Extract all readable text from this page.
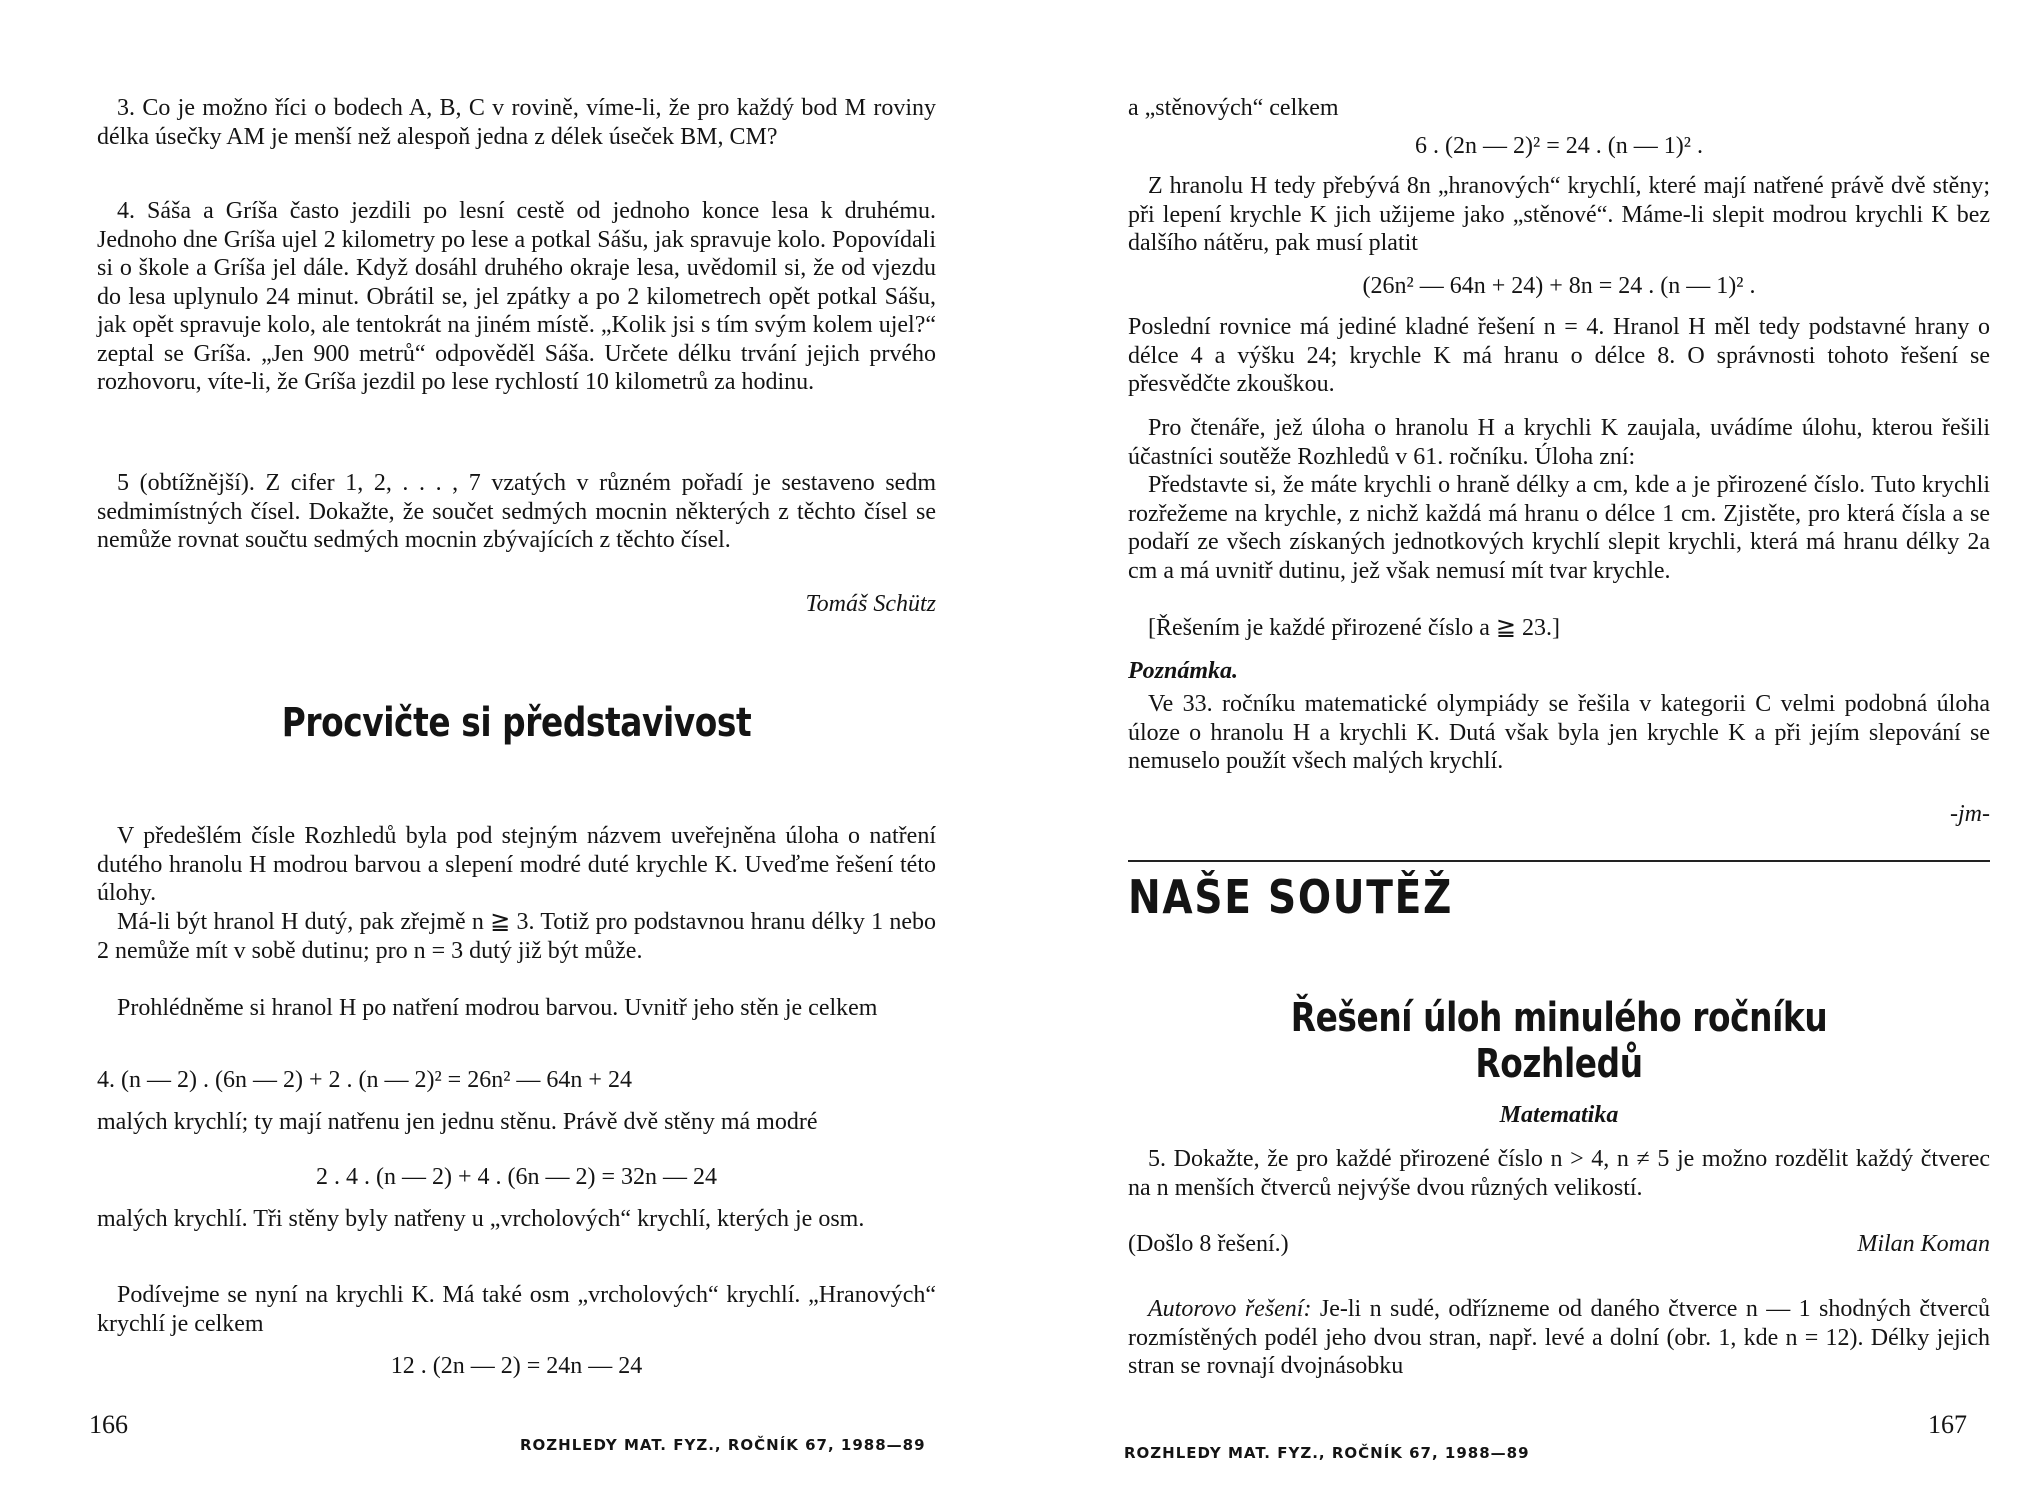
3. Co je možno říci o bodech A, B, C v rovině, víme-li, že pro každý bod M roviny délka úsečky AM je menší než alespoň jedna z délek úseček BM, CM?

4. Sáša a Gríša často jezdili po lesní cestě od jednoho konce lesa k druhému. Jednoho dne Gríša ujel 2 kilometry po lese a potkal Sášu, jak spravuje kolo. Popovídali si o škole a Gríša jel dále. Když dosáhl druhého okraje lesa, uvědomil si, že od vjezdu do lesa uplynulo 24 minut. Obrátil se, jel zpátky a po 2 kilometrech opět potkal Sášu, jak opět spravuje kolo, ale tentokrát na jiném místě. „Kolik jsi s tím svým kolem ujel?“ zeptal se Gríša. „Jen 900 metrů“ odpověděl Sáša. Určete délku trvání jejich prvého rozhovoru, víte-li, že Gríša jezdil po lese rychlostí 10 kilometrů za hodinu.

5 (obtížnější). Z cifer 1, 2, . . . , 7 vzatých v různém pořadí je sestaveno sedm sedmimístných čísel. Dokažte, že součet sedmých mocnin některých z těchto čísel se nemůže rovnat součtu sedmých mocnin zbývajících z těchto čísel.

Tomáš Schütz

Procvičte si představivost

V předešlém čísle Rozhledů byla pod stejným názvem uveřejněna úloha o natření dutého hranolu H modrou barvou a slepení modré duté krychle K. Uveďme řešení této úlohy.

Má-li být hranol H dutý, pak zřejmě n ≧ 3. Totiž pro podstavnou hranu délky 1 nebo 2 nemůže mít v sobě dutinu; pro n = 3 dutý již být může.

Prohlédněme si hranol H po natření modrou barvou. Uvnitř jeho stěn je celkem

4. (n — 2) . (6n — 2) + 2 . (n — 2)² = 26n² — 64n + 24

malých krychlí; ty mají natřenu jen jednu stěnu. Právě dvě stěny má modré

2 . 4 . (n — 2) + 4 . (6n — 2) = 32n — 24

malých krychlí. Tři stěny byly natřeny u „vrcholových“ krychlí, kterých je osm.

Podívejme se nyní na krychli K. Má také osm „vrcholových“ krychlí. „Hranových“ krychlí je celkem

12 . (2n — 2) = 24n — 24

166
ROZHLEDY MAT. FYZ., ROČNÍK 67, 1988—89

a „stěnových“ celkem

6 . (2n — 2)² = 24 . (n — 1)² .

Z hranolu H tedy přebývá 8n „hranových“ krychlí, které mají natřené právě dvě stěny; při lepení krychle K jich užijeme jako „stěnové“. Máme-li slepit modrou krychli K bez dalšího nátěru, pak musí platit

(26n² — 64n + 24) + 8n = 24 . (n — 1)² .

Poslední rovnice má jediné kladné řešení n = 4. Hranol H měl tedy podstavné hrany o délce 4 a výšku 24; krychle K má hranu o délce 8. O správnosti tohoto řešení se přesvědčte zkouškou.

Pro čtenáře, jež úloha o hranolu H a krychli K zaujala, uvádíme úlohu, kterou řešili účastníci soutěže Rozhledů v 61. ročníku. Úloha zní:

Představte si, že máte krychli o hraně délky a cm, kde a je přirozené číslo. Tuto krychli rozřežeme na krychle, z nichž každá má hranu o délce 1 cm. Zjistěte, pro která čísla a se podaří ze všech získaných jednotkových krychlí slepit krychli, která má hranu délky 2a cm a má uvnitř dutinu, jež však nemusí mít tvar krychle.

[Řešením je každé přirozené číslo a ≧ 23.]

Poznámka.

Ve 33. ročníku matematické olympiády se řešila v kategorii C velmi podobná úloha úloze o hranolu H a krychli K. Dutá však byla jen krychle K a při jejím slepování se nemuselo použít všech malých krychlí.

-jm-

NAŠE SOUTĚŽ
Řešení úloh minulého ročníku Rozhledů

Matematika

5. Dokažte, že pro každé přirozené číslo n > 4, n ≠ 5 je možno rozdělit každý čtverec na n menších čtverců nejvýše dvou různých velikostí.

(Došlo 8 řešení.)	Milan Koman

Autorovo řešení: Je-li n sudé, odřízneme od daného čtverce n — 1 shodných čtverců rozmístěných podél jeho dvou stran, např. levé a dolní (obr. 1, kde n = 12). Délky jejich stran se rovnají dvojnásobku

167
ROZHLEDY MAT. FYZ., ROČNÍK 67, 1988—89
